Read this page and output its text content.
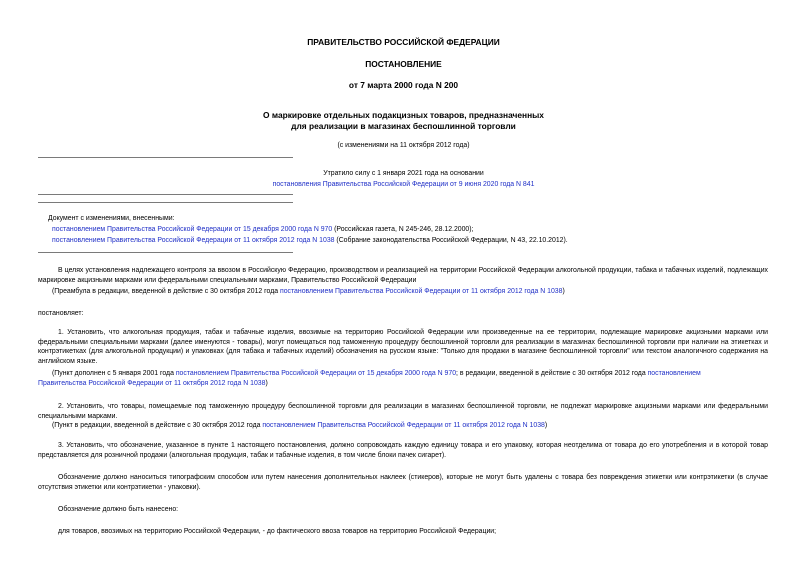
ПРАВИТЕЛЬСТВО РОССИЙСКОЙ ФЕДЕРАЦИИ
ПОСТАНОВЛЕНИЕ
от 7 марта 2000 года N 200
О маркировке отдельных подакцизных товаров, предназначенных
для реализации в магазинах беспошлинной торговли
(с изменениями на 11 октября 2012 года)
Утратило силу с 1 января 2021 года на основании
постановления Правительства Российской Федерации от 9 июня 2020 года N 841
Документ с изменениями, внесенными:
постановлением Правительства Российской Федерации от 15 декабря 2000 года N 970 (Российская газета, N 245-246, 28.12.2000);
постановлением Правительства Российской Федерации от 11 октября 2012 года N 1038 (Собрание законодательства Российской Федерации, N 43, 22.10.2012).
В целях установления надлежащего контроля за ввозом в Российскую Федерацию, производством и реализацией на территории Российской Федерации алкогольной продукции, табака и табачных изделий, подлежащих маркировке акцизными марками или федеральными специальными марками, Правительство Российской Федерации
(Преамбула в редакции, введенной в действие с 30 октября 2012 года постановлением Правительства Российской Федерации от 11 октября 2012 года N 1038)
постановляет:
1. Установить, что алкогольная продукция, табак и табачные изделия, ввозимые на территорию Российской Федерации или произведенные на ее территории, подлежащие маркировке акцизными марками или федеральными специальными марками (далее именуются - товары), могут помещаться под таможенную процедуру беспошлинной торговли для реализации в магазинах беспошлинной торговли при наличии на этикетках и контрэтикетках (для алкогольной продукции) и упаковках (для табака и табачных изделий) обозначения на русском языке: "Только для продажи в магазине беспошлинной торговли" или текстом аналогичного содержания на английском языке.
(Пункт дополнен с 5 января 2001 года постановлением Правительства Российской Федерации от 15 декабря 2000 года N 970; в редакции, введенной в действие с 30 октября 2012 года постановлением
Правительства Российской Федерации от 11 октября 2012 года N 1038)
2. Установить, что товары, помещаемые под таможенную процедуру беспошлинной торговли для реализации в магазинах беспошлинной торговли, не подлежат маркировке акцизными марками или федеральными специальными марками.
(Пункт в редакции, введенной в действие с 30 октября 2012 года постановлением Правительства Российской Федерации от 11 октября 2012 года N 1038)
3. Установить, что обозначение, указанное в пункте 1 настоящего постановления, должно сопровождать каждую единицу товара и его упаковку, которая неотделима от товара до его употребления и в которой товар представляется для розничной продажи (алкогольная продукция, табак и табачные изделия, в том числе блоки пачек сигарет).
Обозначение должно наноситься типографским способом или путем нанесения дополнительных наклеек (стикеров), которые не могут быть удалены с товара без повреждения этикетки или контрэтикетки (в случае отсутствия этикетки или контрэтикетки - упаковки).
Обозначение должно быть нанесено:
для товаров, ввозимых на территорию Российской Федерации, - до фактического ввоза товаров на территорию Российской Федерации;
